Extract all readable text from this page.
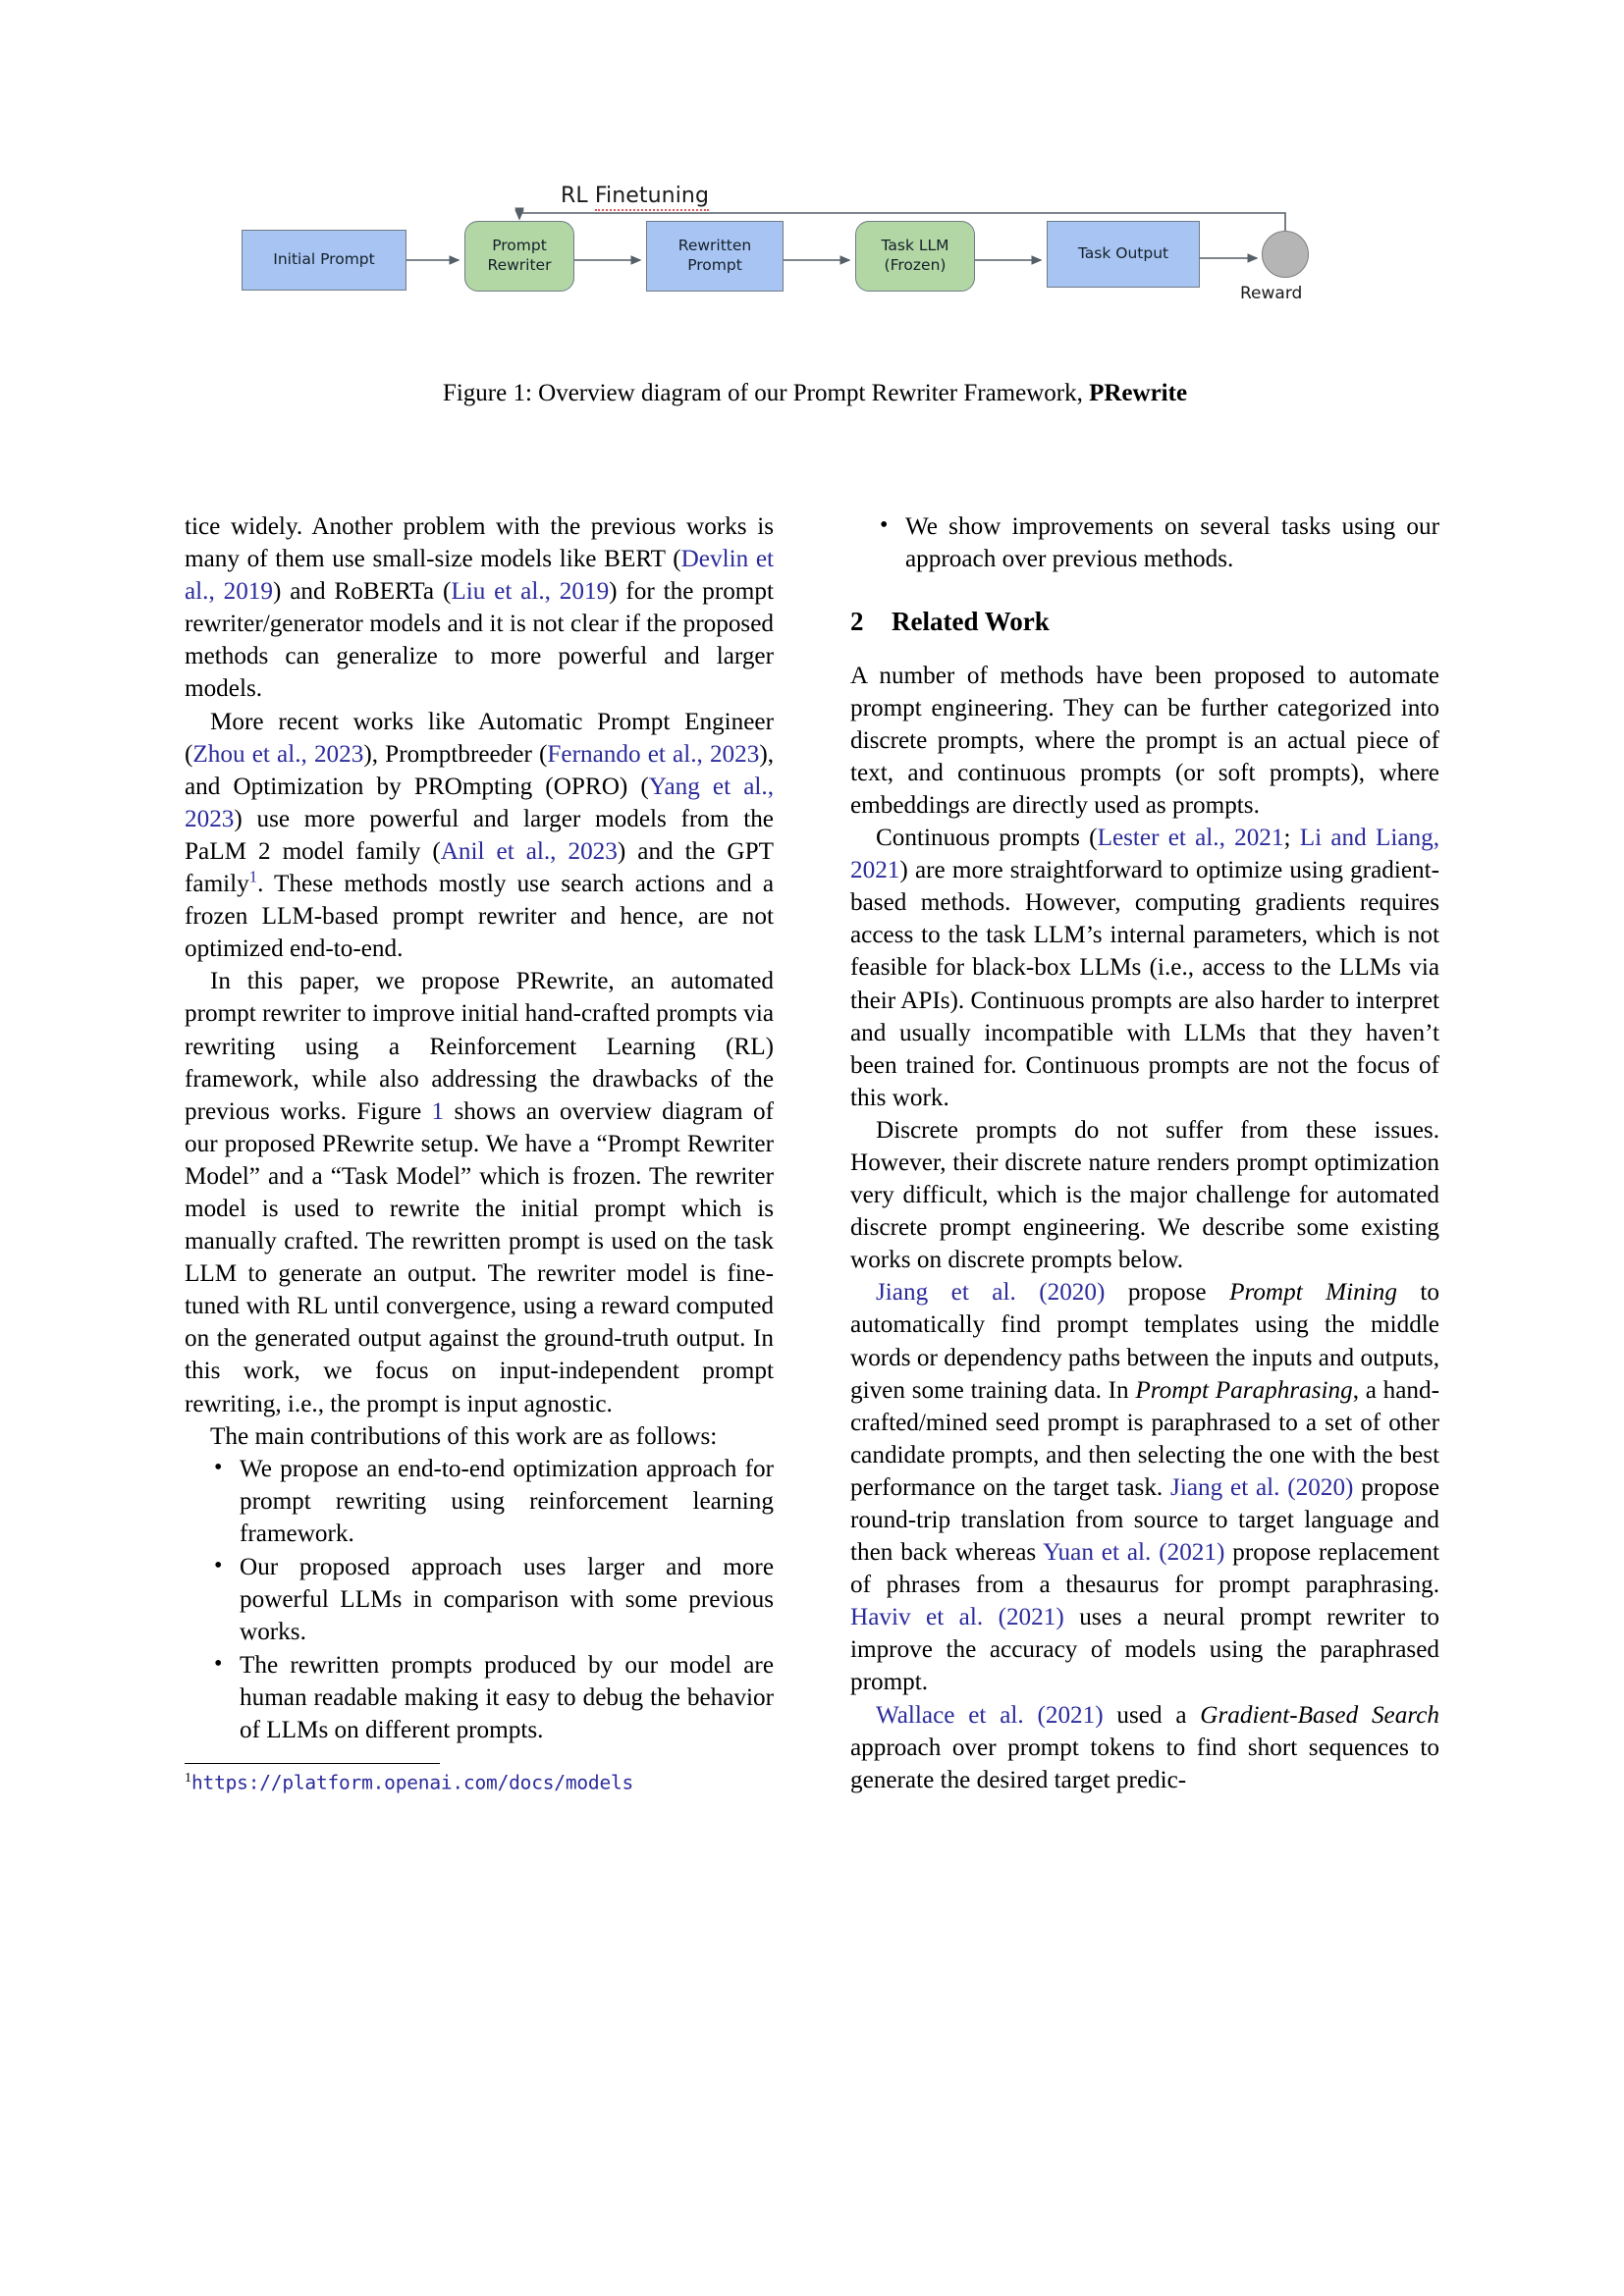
RL Finetuning
Initial Prompt
Prompt
Rewriter
Rewritten
Prompt
Task LLM
(Frozen)
Task Output
Reward
Figure 1: Overview diagram of our Prompt Rewriter Framework, PRewrite

tice widely. Another problem with the previous works is many of them use small-size models like BERT (Devlin et al., 2019) and RoBERTa (Liu et al., 2019) for the prompt rewriter/generator models and it is not clear if the proposed methods can generalize to more powerful and larger models.

More recent works like Automatic Prompt Engineer (Zhou et al., 2023), Promptbreeder (Fernando et al., 2023), and Optimization by PROmpting (OPRO) (Yang et al., 2023) use more powerful and larger models from the PaLM 2 model family (Anil et al., 2023) and the GPT family$^1$. These methods mostly use search actions and a frozen LLM-based prompt rewriter and hence, are not optimized end-to-end.

In this paper, we propose PRewrite, an automated prompt rewriter to improve initial hand-crafted prompts via rewriting using a Reinforcement Learning (RL) framework, while also addressing the drawbacks of the previous works. Figure 1 shows an overview diagram of our proposed PRewrite setup. We have a “Prompt Rewriter Model” and a “Task Model” which is frozen. The rewriter model is used to rewrite the initial prompt which is manually crafted. The rewritten prompt is used on the task LLM to generate an output. The rewriter model is fine-tuned with RL until convergence, using a reward computed on the generated output against the ground-truth output. In this work, we focus on input-independent prompt rewriting, i.e., the prompt is input agnostic.

The main contributions of this work are as follows:

• We propose an end-to-end optimization approach for prompt rewriting using reinforcement learning framework.
• Our proposed approach uses larger and more powerful LLMs in comparison with some previous works.
• The rewritten prompts produced by our model are human readable making it easy to debug the behavior of LLMs on different prompts.
$^1$https://platform.openai.com/docs/models
• We show improvements on several tasks using our approach over previous methods.
2 Related Work

A number of methods have been proposed to automate prompt engineering. They can be further categorized into discrete prompts, where the prompt is an actual piece of text, and continuous prompts (or soft prompts), where embeddings are directly used as prompts.

Continuous prompts (Lester et al., 2021; Li and Liang, 2021) are more straightforward to optimize using gradient-based methods. However, computing gradients requires access to the task LLM’s internal parameters, which is not feasible for black-box LLMs (i.e., access to the LLMs via their APIs). Continuous prompts are also harder to interpret and usually incompatible with LLMs that they haven’t been trained for. Continuous prompts are not the focus of this work.

Discrete prompts do not suffer from these issues. However, their discrete nature renders prompt optimization very difficult, which is the major challenge for automated discrete prompt engineering. We describe some existing works on discrete prompts below.

Jiang et al. (2020) propose Prompt Mining to automatically find prompt templates using the middle words or dependency paths between the inputs and outputs, given some training data. In Prompt Paraphrasing, a hand-crafted/mined seed prompt is paraphrased to a set of other candidate prompts, and then selecting the one with the best performance on the target task. Jiang et al. (2020) propose round-trip translation from source to target language and then back whereas Yuan et al. (2021) propose replacement of phrases from a thesaurus for prompt paraphrasing. Haviv et al. (2021) uses a neural prompt rewriter to improve the accuracy of models using the paraphrased prompt.

Wallace et al. (2021) used a Gradient-Based Search approach over prompt tokens to find short sequences to generate the desired target predic-
